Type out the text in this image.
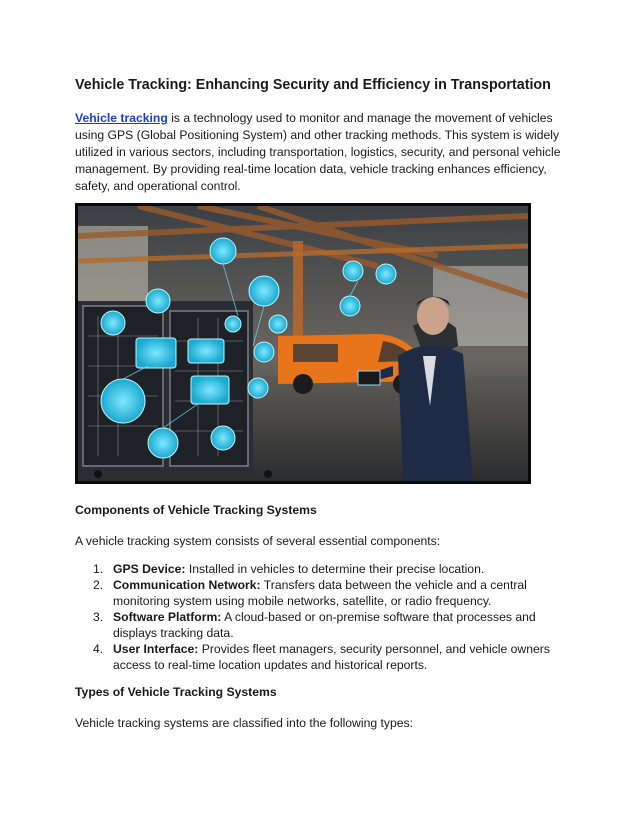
Vehicle Tracking: Enhancing Security and Efficiency in Transportation

Vehicle tracking is a technology used to monitor and manage the movement of vehicles using GPS (Global Positioning System) and other tracking methods. This system is widely utilized in various sectors, including transportation, logistics, security, and personal vehicle management. By providing real-time location data, vehicle tracking enhances efficiency, safety, and operational control.

Components of Vehicle Tracking Systems

A vehicle tracking system consists of several essential components:

1. GPS Device: Installed in vehicles to determine their precise location.
2. Communication Network: Transfers data between the vehicle and a central monitoring system using mobile networks, satellite, or radio frequency.
3. Software Platform: A cloud-based or on-premise software that processes and displays tracking data.
4. User Interface: Provides fleet managers, security personnel, and vehicle owners access to real-time location updates and historical reports.
Types of Vehicle Tracking Systems

Vehicle tracking systems are classified into the following types:
